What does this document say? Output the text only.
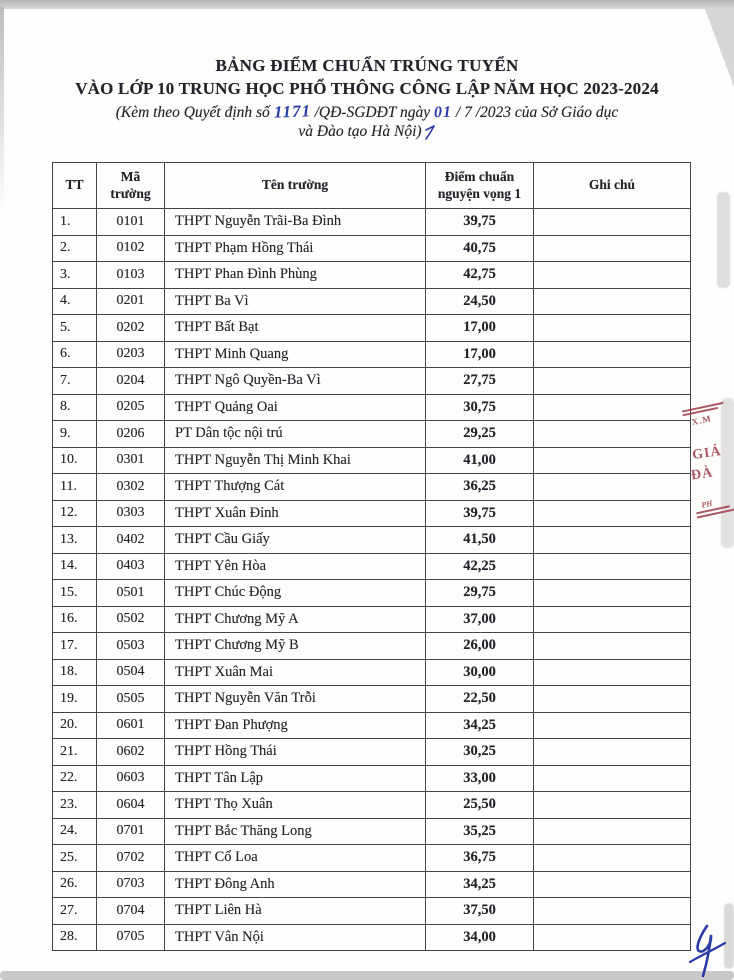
BẢNG ĐIỂM CHUẨN TRÚNG TUYỂN
VÀO LỚP 10 TRUNG HỌC PHỔ THÔNG CÔNG LẬP NĂM HỌC 2023-2024
(Kèm theo Quyết định số 1171 /QĐ-SGDĐT ngày 01 / 7 /2023 của Sở Giáo dục
và Đào tạo Hà Nội)
TT	Mã trường	Tên trường	Điểm chuẩn nguyện vọng 1	Ghi chú
1.	0101	THPT Nguyễn Trãi-Ba Đình	39,75	
2.	0102	THPT Phạm Hồng Thái	40,75	
3.	0103	THPT Phan Đình Phùng	42,75	
4.	0201	THPT Ba Vì	24,50	
5.	0202	THPT Bất Bạt	17,00	
6.	0203	THPT Minh Quang	17,00	
7.	0204	THPT Ngô Quyền-Ba Vì	27,75	
8.	0205	THPT Quảng Oai	30,75	
9.	0206	PT Dân tộc nội trú	29,25	
10.	0301	THPT Nguyễn Thị Minh Khai	41,00	
11.	0302	THPT Thượng Cát	36,25	
12.	0303	THPT Xuân Đỉnh	39,75	
13.	0402	THPT Cầu Giấy	41,50	
14.	0403	THPT Yên Hòa	42,25	
15.	0501	THPT Chúc Động	29,75	
16.	0502	THPT Chương Mỹ A	37,00	
17.	0503	THPT Chương Mỹ B	26,00	
18.	0504	THPT Xuân Mai	30,00	
19.	0505	THPT Nguyễn Văn Trỗi	22,50	
20.	0601	THPT Đan Phượng	34,25	
21.	0602	THPT Hồng Thái	30,25	
22.	0603	THPT Tân Lập	33,00	
23.	0604	THPT Thọ Xuân	25,50	
24.	0701	THPT Bắc Thăng Long	35,25	
25.	0702	THPT Cổ Loa	36,75	
26.	0703	THPT Đông Anh	34,25	
27.	0704	THPT Liên Hà	37,50	
28.	0705	THPT Vân Nội	34,00	
X.M
GIÁ
ĐÀ
PH
